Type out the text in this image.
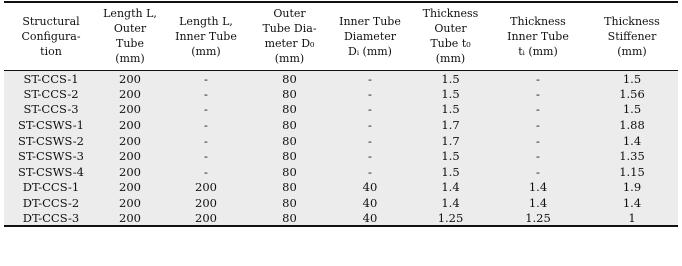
Structural
Configura-
tion	Length L,
Outer
Tube
(mm)	Length L,
Inner Tube
(mm)	Outer
Tube Dia-
meter D₀
(mm)	Inner Tube
Diameter
Dᵢ (mm)	Thickness
Outer
Tube t₀
(mm)	Thickness
Inner Tube
tᵢ (mm)	Thickness
Stiffener
(mm)
ST-CCS-1	200	-	80	-	1.5	-	1.5
ST-CCS-2	200	-	80	-	1.5	-	1.56
ST-CCS-3	200	-	80	-	1.5	-	1.5
ST-CSWS-1	200	-	80	-	1.7	-	1.88
ST-CSWS-2	200	-	80	-	1.7	-	1.4
ST-CSWS-3	200	-	80	-	1.5	-	1.35
ST-CSWS-4	200	-	80	-	1.5	-	1.15
DT-CCS-1	200	200	80	40	1.4	1.4	1.9
DT-CCS-2	200	200	80	40	1.4	1.4	1.4
DT-CCS-3	200	200	80	40	1.25	1.25	1
